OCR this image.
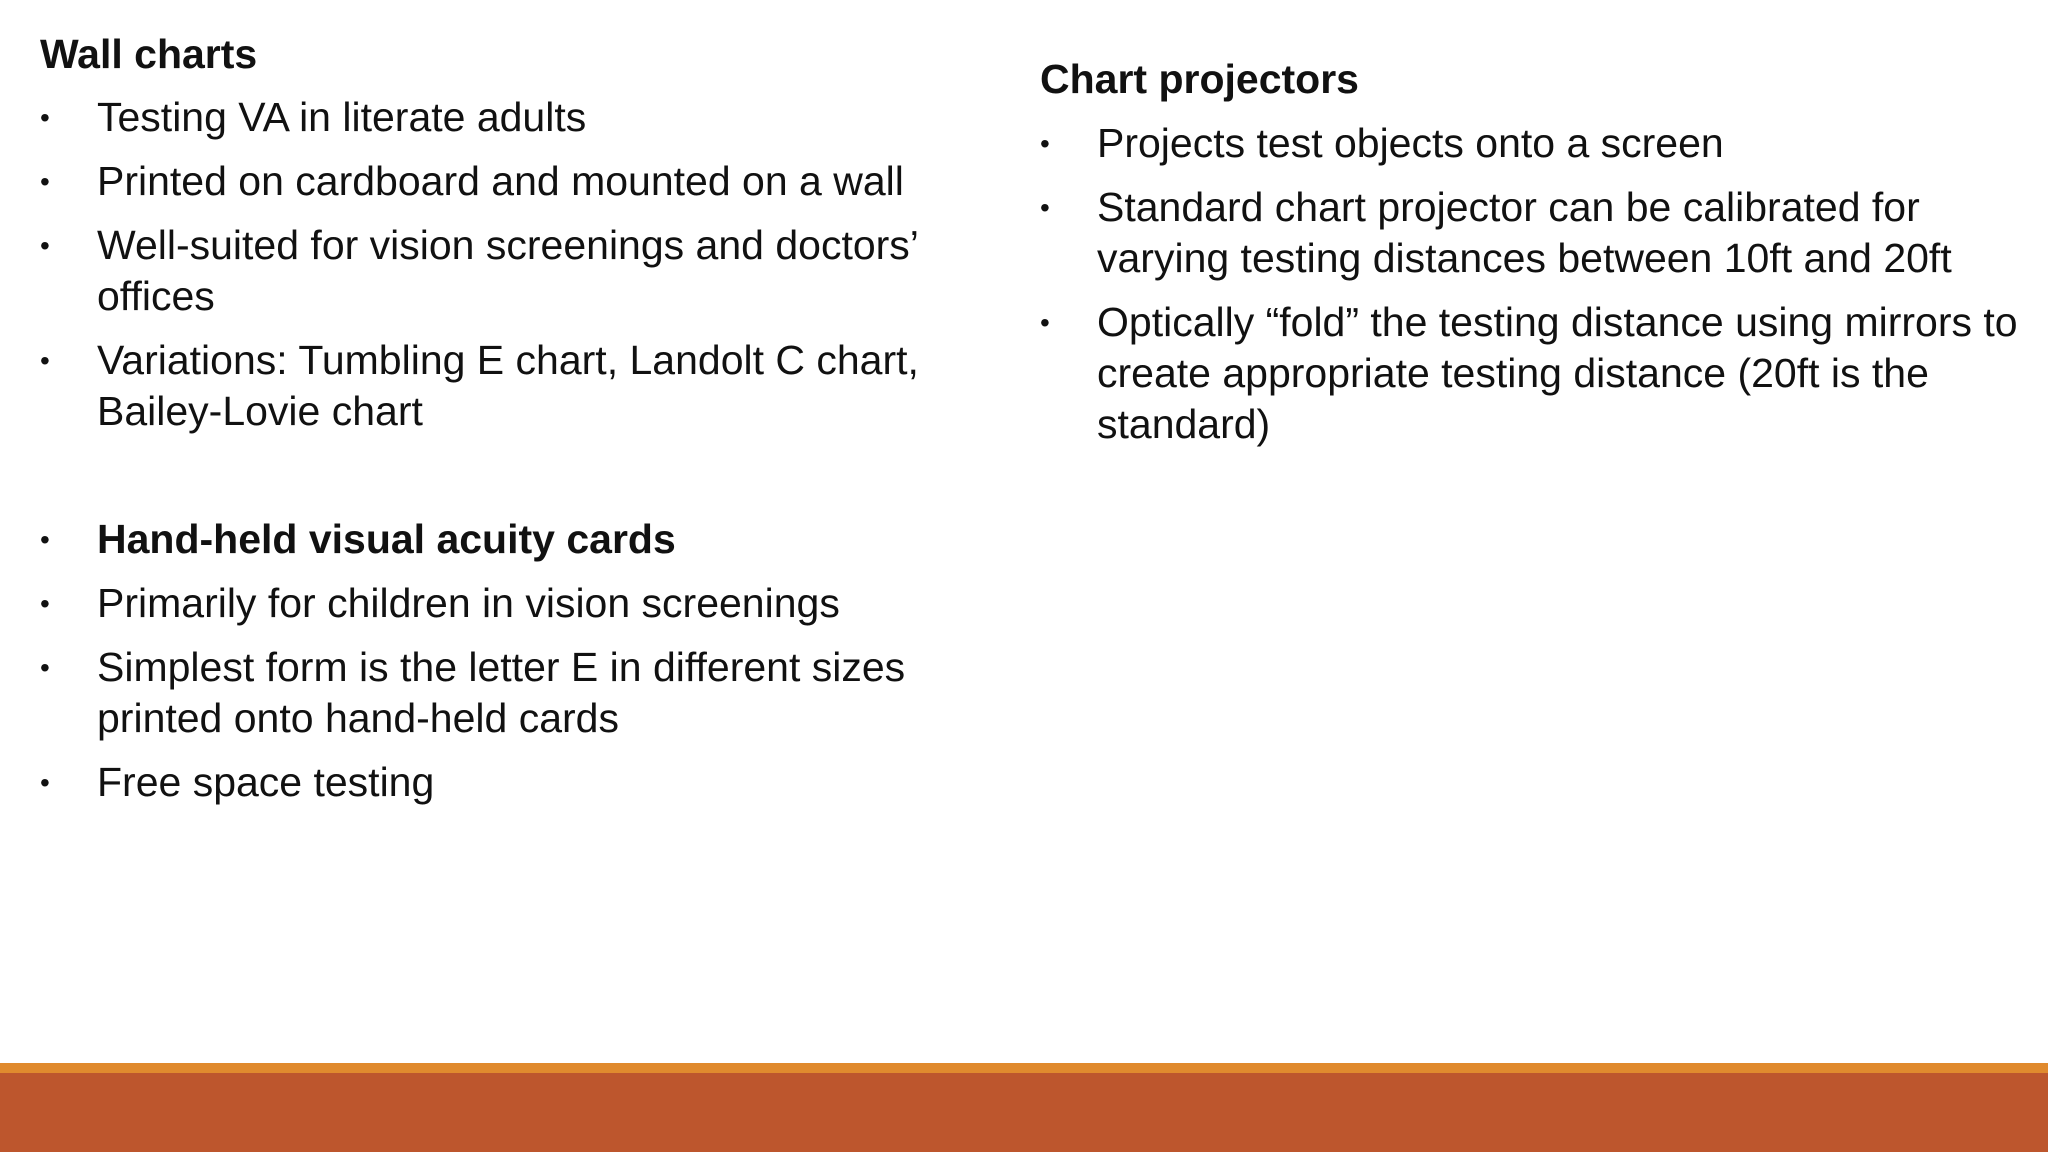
Wall charts
• Testing VA in literate adults
• Printed on cardboard and mounted on a wall
• Well-suited for vision screenings and doctors’ offices
• Variations: Tumbling E chart, Landolt C chart, Bailey-Lovie chart
• Hand-held visual acuity cards
• Primarily for children in vision screenings
• Simplest form is the letter E in different sizes printed onto hand-held cards
• Free space testing
Chart projectors
• Projects test objects onto a screen
• Standard chart projector can be calibrated for varying testing distances between 10ft and 20ft
• Optically “fold” the testing distance using mirrors to create appropriate testing distance (20ft is the standard)
